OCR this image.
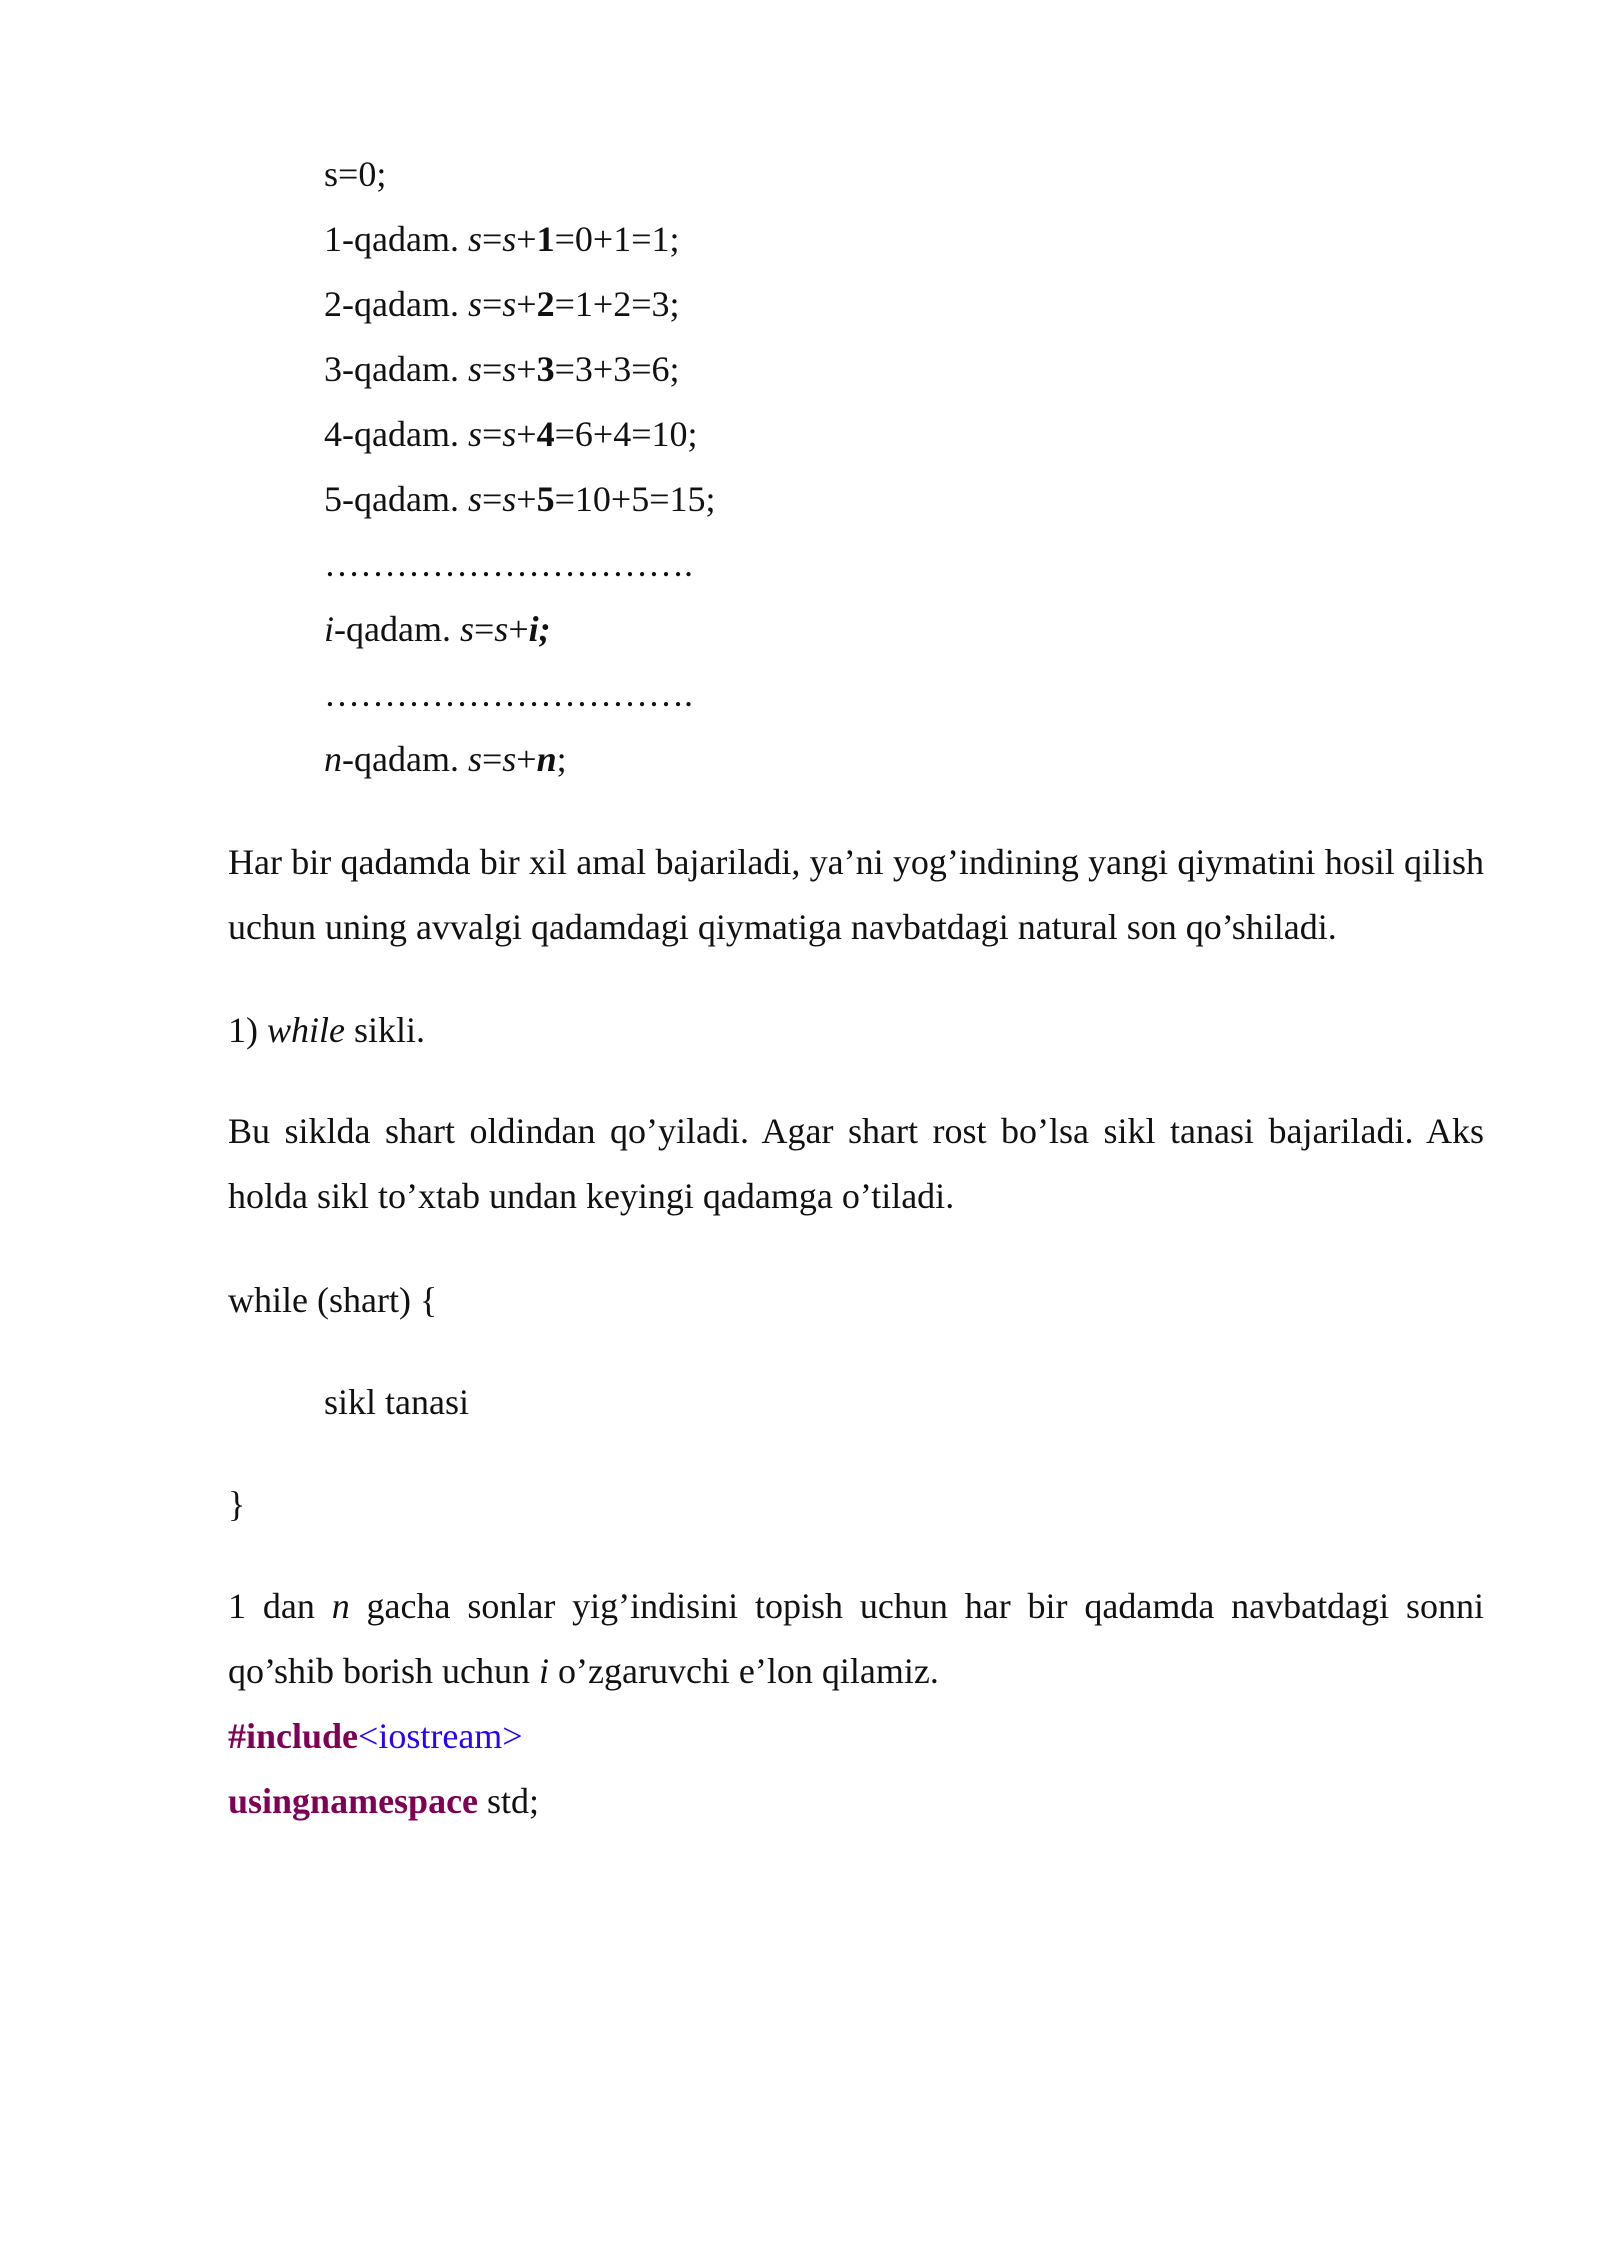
s=0;
1-qadam. s=s+1=0+1=1;
2-qadam. s=s+2=1+2=3;
3-qadam. s=s+3=3+3=6;
4-qadam. s=s+4=6+4=10;
5-qadam. s=s+5=10+5=15;
………………………….
i-qadam. s=s+i;
………………………….
n-qadam. s=s+n;
Har bir qadamda bir xil amal bajariladi, ya’ni yog’indining yangi qiymatini hosil qilish uchun uning avvalgi qadamdagi qiymatiga navbatdagi natural son qo’shiladi.
1) while sikli.
Bu siklda shart oldindan qo’yiladi. Agar shart rost bo’lsa sikl tanasi bajariladi. Aks holda sikl to’xtab undan keyingi qadamga o’tiladi.
while (shart) {
sikl tanasi
}
1 dan n gacha sonlar yig’indisini topish uchun har bir qadamda navbatdagi sonni qo’shib borish uchun i o’zgaruvchi e’lon qilamiz.
#include<iostream>
usingnamespace std;
